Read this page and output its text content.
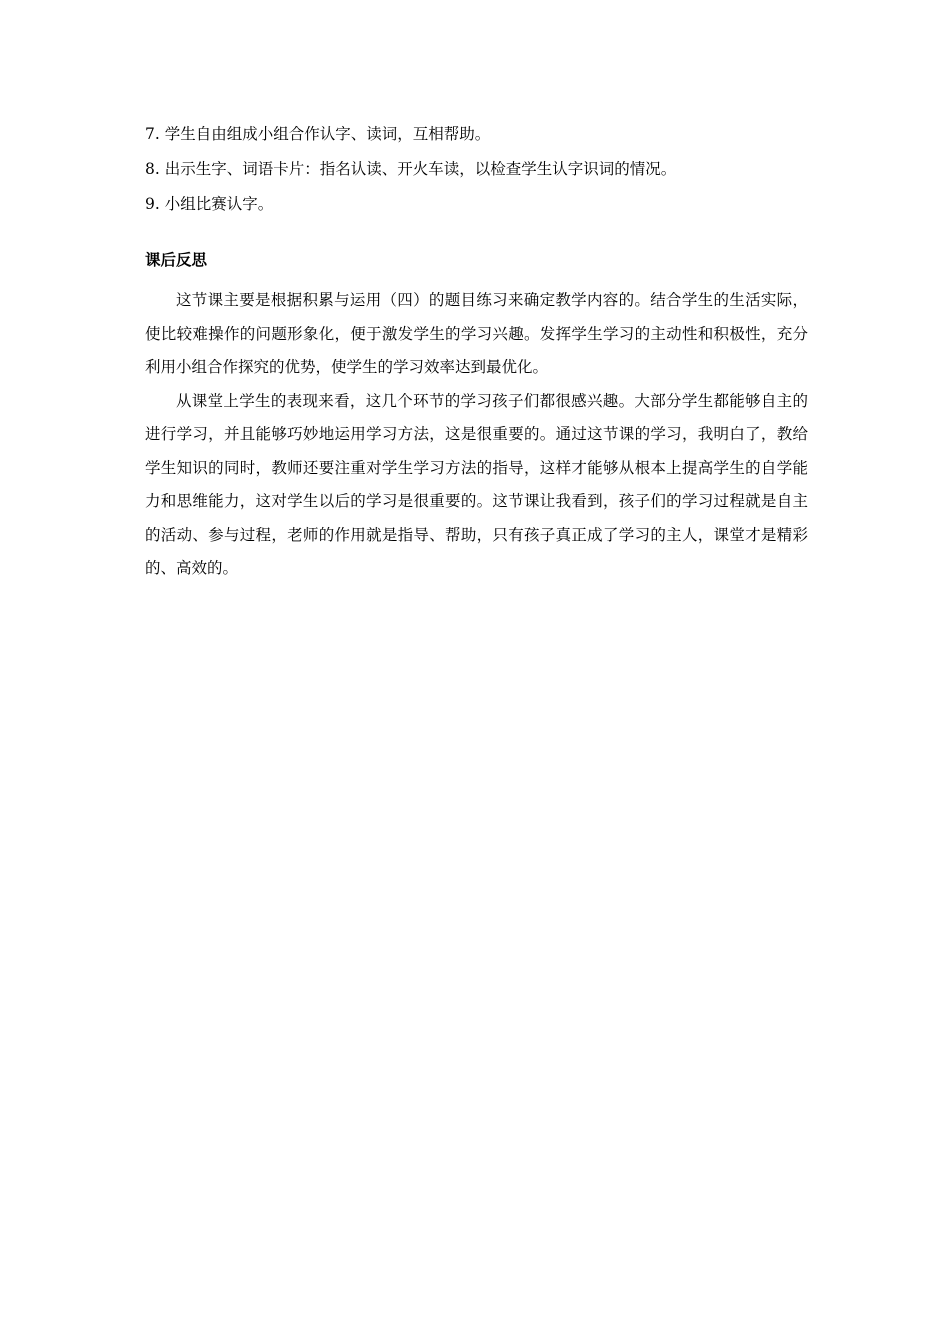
7. 学生自由组成小组合作认字、读词，互相帮助。

8. 出示生字、词语卡片：指名认读、开火车读，以检查学生认字识词的情况。

9. 小组比赛认字。

课后反思

这节课主要是根据积累与运用（四）的题目练习来确定教学内容的。结合学生的生活实际，使比较难操作的问题形象化，便于激发学生的学习兴趣。发挥学生学习的主动性和积极性，充分利用小组合作探究的优势，使学生的学习效率达到最优化。

从课堂上学生的表现来看，这几个环节的学习孩子们都很感兴趣。大部分学生都能够自主的进行学习，并且能够巧妙地运用学习方法，这是很重要的。通过这节课的学习，我明白了，教给学生知识的同时，教师还要注重对学生学习方法的指导，这样才能够从根本上提高学生的自学能力和思维能力，这对学生以后的学习是很重要的。这节课让我看到，孩子们的学习过程就是自主的活动、参与过程，老师的作用就是指导、帮助，只有孩子真正成了学习的主人，课堂才是精彩的、高效的。
